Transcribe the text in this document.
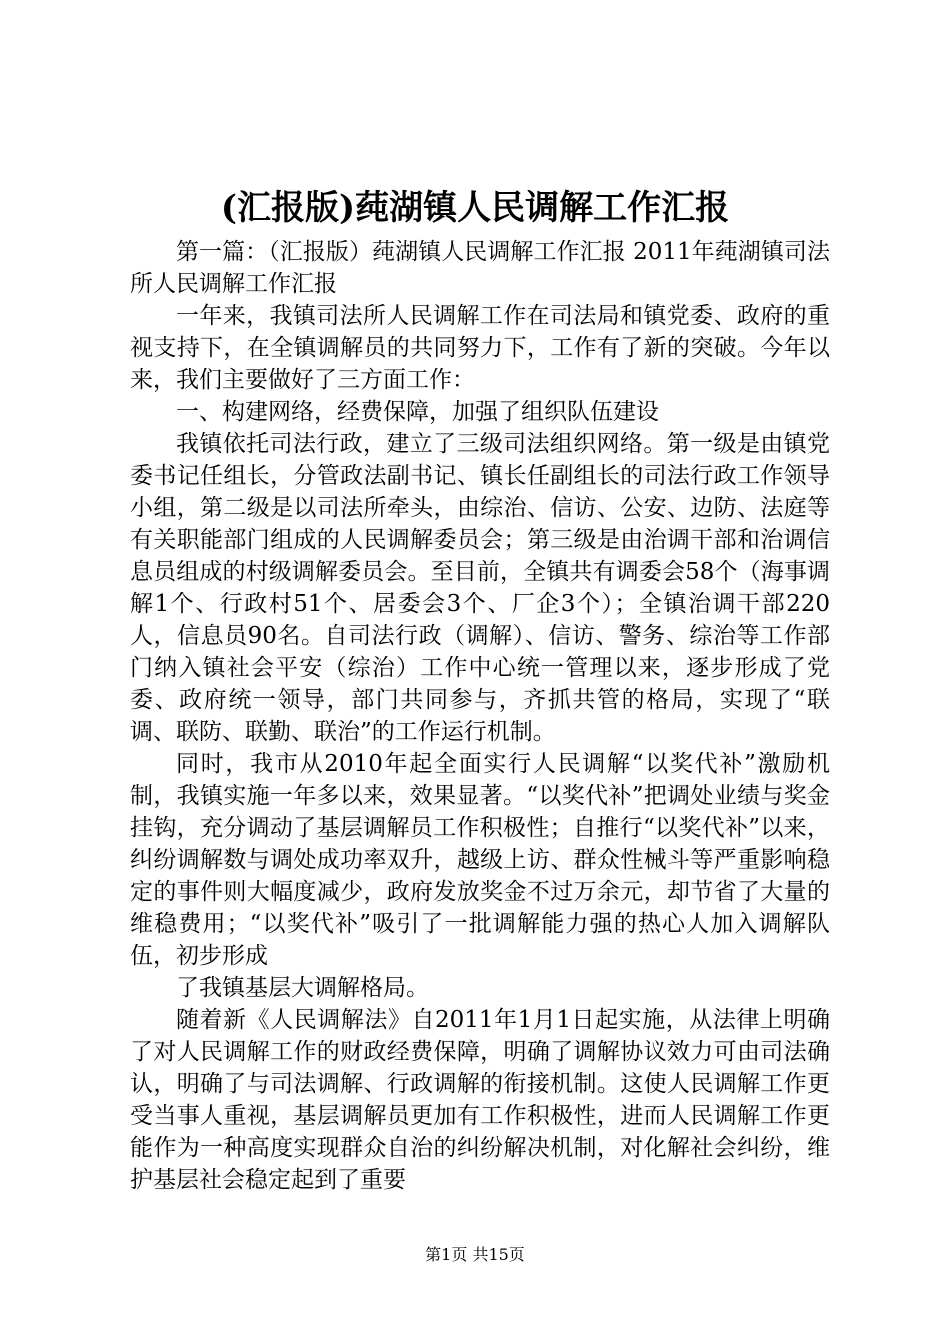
(汇报版)莼湖镇人民调解工作汇报

第一篇：（汇报版）莼湖镇人民调解工作汇报 2011年莼湖镇司法所人民调解工作汇报

一年来，我镇司法所人民调解工作在司法局和镇党委、政府的重视支持下，在全镇调解员的共同努力下，工作有了新的突破。今年以来，我们主要做好了三方面工作：

一、构建网络，经费保障，加强了组织队伍建设

我镇依托司法行政，建立了三级司法组织网络。第一级是由镇党委书记任组长，分管政法副书记、镇长任副组长的司法行政工作领导小组，第二级是以司法所牵头，由综治、信访、公安、边防、法庭等有关职能部门组成的人民调解委员会；第三级是由治调干部和治调信息员组成的村级调解委员会。至目前，全镇共有调委会58个（海事调解1个、行政村51个、居委会3个、厂企3个）；全镇治调干部220人，信息员90名。自司法行政（调解）、信访、警务、综治等工作部门纳入镇社会平安（综治）工作中心统一管理以来，逐步形成了党委、政府统一领导，部门共同参与，齐抓共管的格局，实现了“联调、联防、联勤、联治”的工作运行机制。

同时，我市从2010年起全面实行人民调解“以奖代补”激励机制，我镇实施一年多以来，效果显著。“以奖代补”把调处业绩与奖金挂钩，充分调动了基层调解员工作积极性；自推行“以奖代补”以来，纠纷调解数与调处成功率双升，越级上访、群众性械斗等严重影响稳定的事件则大幅度减少，政府发放奖金不过万余元，却节省了大量的维稳费用；“以奖代补”吸引了一批调解能力强的热心人加入调解队伍，初步形成

了我镇基层大调解格局。

随着新《人民调解法》自2011年1月1日起实施，从法律上明确了对人民调解工作的财政经费保障，明确了调解协议效力可由司法确认，明确了与司法调解、行政调解的衔接机制。这使人民调解工作更受当事人重视，基层调解员更加有工作积极性，进而人民调解工作更能作为一种高度实现群众自治的纠纷解决机制，对化解社会纠纷，维护基层社会稳定起到了重要

第1页 共15页
